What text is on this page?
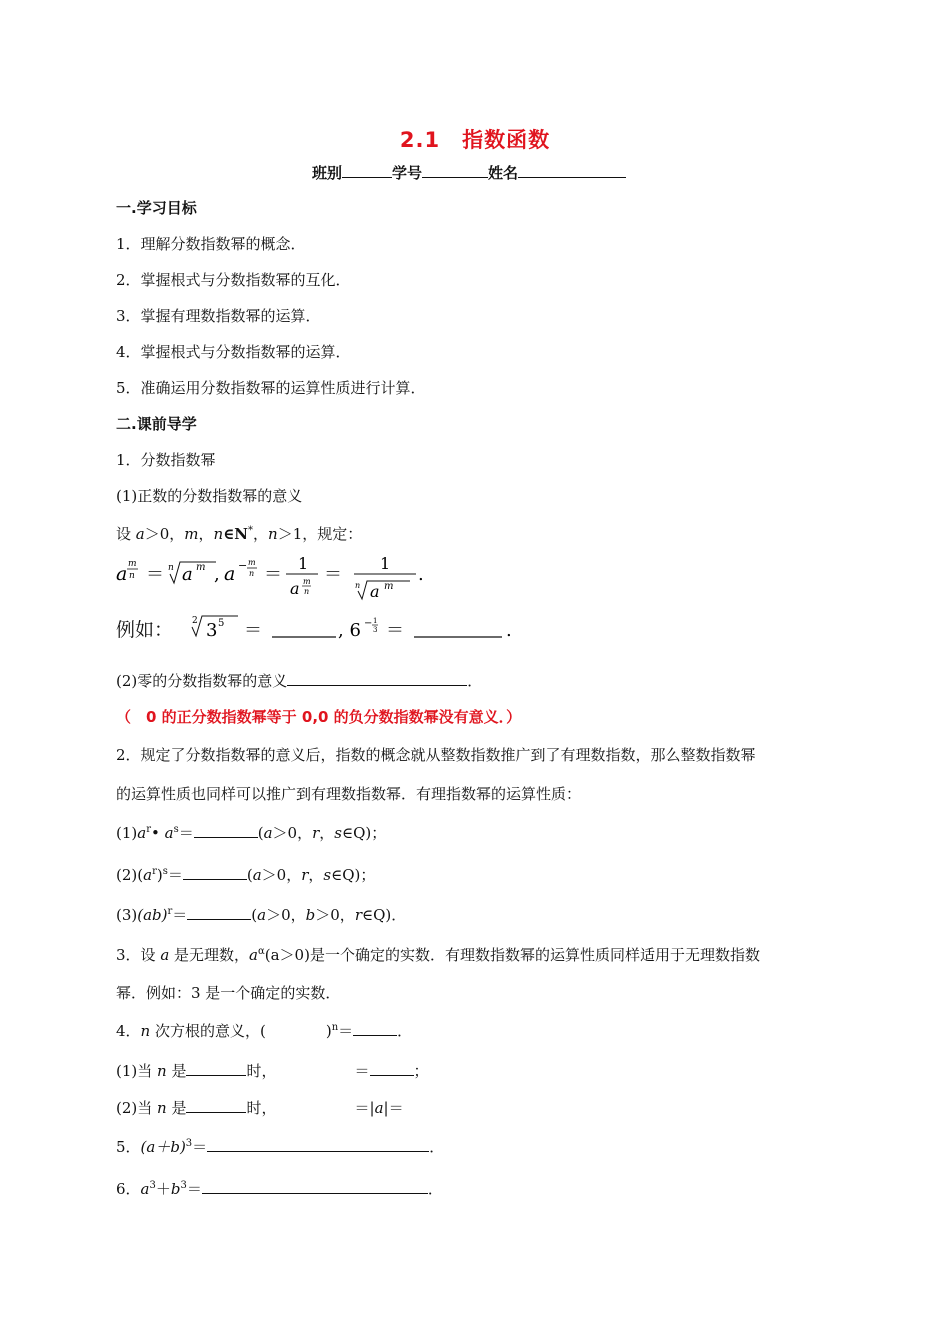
2.1　指数函数
班别	学号	姓名
一.学习目标
1．理解分数指数幂的概念．
2．掌握根式与分数指数幂的互化．
3．掌握有理数指数幂的运算．
4．掌握根式与分数指数幂的运算．
5．准确运用分数指数幂的运算性质进行计算．
二.课前导学
1．分数指数幂
(1)正数的分数指数幂的意义
设 a＞0，m，n∈N*，n＞1，规定：
a m
n ＝ n a m , a − m
n ＝
1
a m
n
＝
1
n a m
.
例如： 2 3 5 ＝	, 6 − 1
3 ＝	.
(2)零的分数指数幂的意义	．
（　0 的正分数指数幂等于 0,0 的负分数指数幂没有意义．）
2．规定了分数指数幂的意义后，指数的概念就从整数指数推广到了有理数指数，那么整数指数幂
的运算性质也同样可以推广到有理数指数幂．有理指数幂的运算性质：
$(1)a^r•$ $a^s=$	(a＞0，r，s∈Q)；
$(2)(a^r)^s=$	(a＞0，r，s∈Q)；
(3)(ab)$^r$＝	(a＞0，b＞0，r∈Q)．
3．设 a 是无理数，$a^\alpha(a>0)$是一个确定的实数．有理数指数幂的运算性质同样适用于无理数指数
幂．例如：3 是一个确定的实数．
4．n 次方根的意义，(	)$^n$＝	．
(1)当 n 是	时，	＝	；
(2)当 n 是	时，	＝|a|＝
5．$(a+b)^3=$	．
6．$a^3+b^3=$	．
